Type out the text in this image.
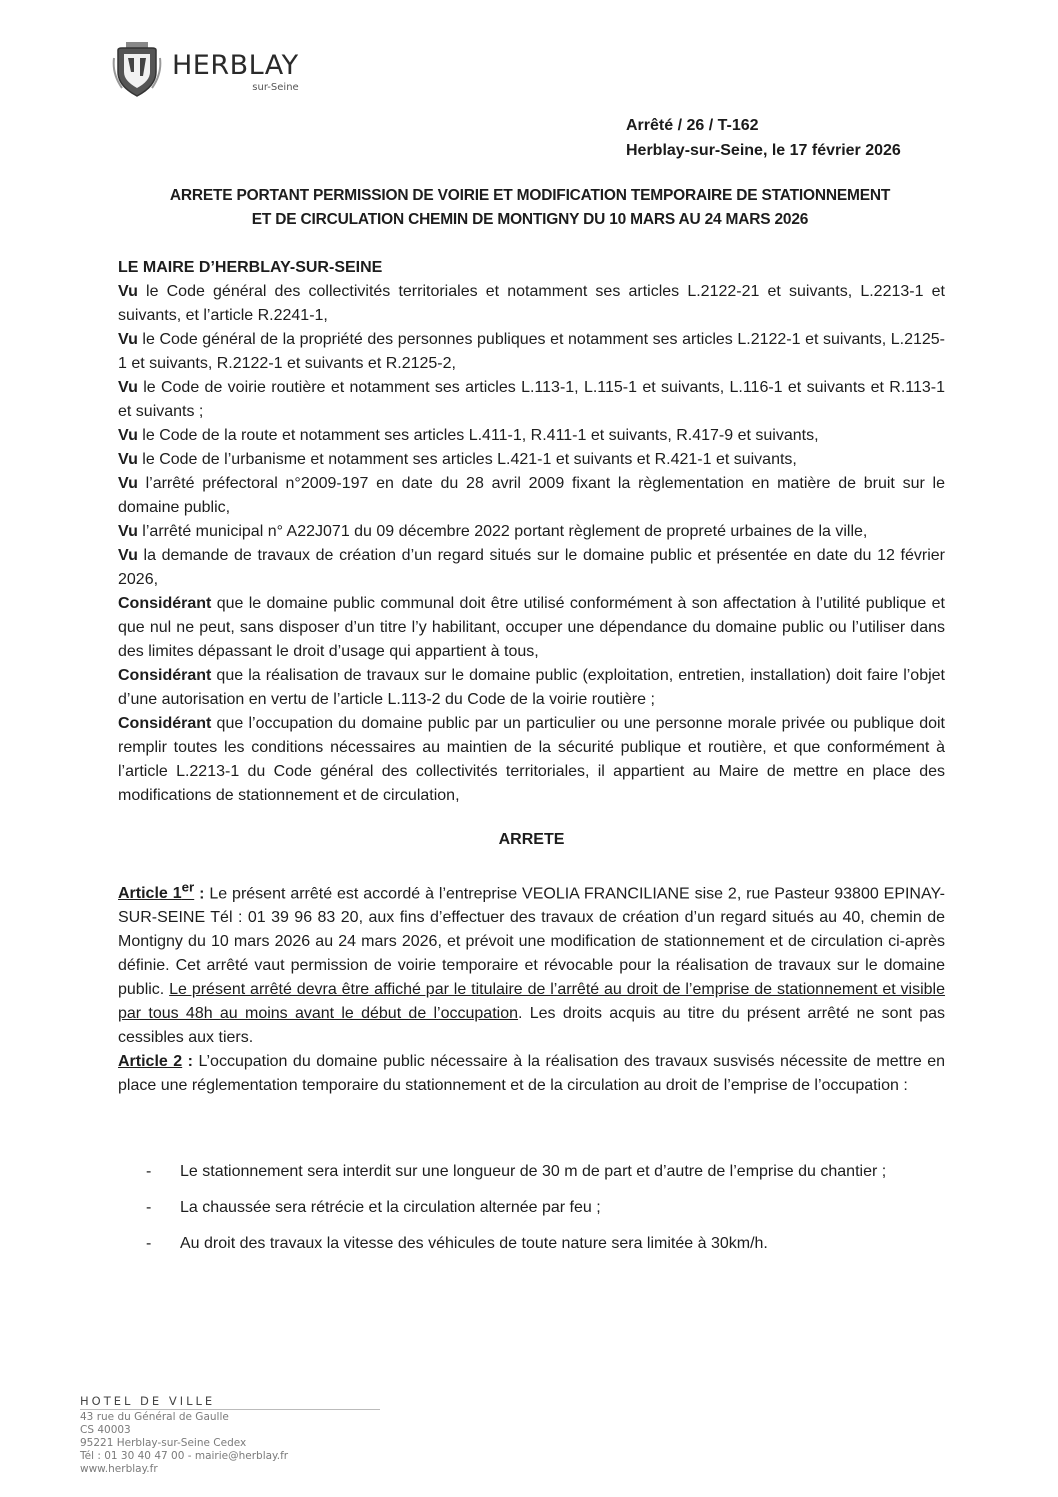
HERBLAY
sur-Seine
Arrêté / 26 / T-162
Herblay-sur-Seine, le 17 février 2026
ARRETE PORTANT PERMISSION DE VOIRIE ET MODIFICATION TEMPORAIRE DE STATIONNEMENT
ET DE CIRCULATION CHEMIN DE MONTIGNY DU 10 MARS AU 24 MARS 2026

LE MAIRE D’HERBLAY-SUR-SEINE

Vu le Code général des collectivités territoriales et notamment ses articles L.2122-21 et suivants, L.2213-1 et suivants, et l’article R.2241-1,

Vu le Code général de la propriété des personnes publiques et notamment ses articles L.2122-1 et suivants, L.2125-1 et suivants, R.2122-1 et suivants et R.2125-2,

Vu le Code de voirie routière et notamment ses articles L.113-1, L.115-1 et suivants, L.116-1 et suivants et R.113-1 et suivants ;

Vu le Code de la route et notamment ses articles L.411-1, R.411-1 et suivants, R.417-9 et suivants,

Vu le Code de l’urbanisme et notamment ses articles L.421-1 et suivants et R.421-1 et suivants,

Vu l’arrêté préfectoral n°2009-197 en date du 28 avril 2009 fixant la règlementation en matière de bruit sur le domaine public,

Vu l’arrêté municipal n° A22J071 du 09 décembre 2022 portant règlement de propreté urbaines de la ville,

Vu la demande de travaux de création d’un regard situés sur le domaine public et présentée en date du 12 février 2026,

Considérant que le domaine public communal doit être utilisé conformément à son affectation à l’utilité publique et que nul ne peut, sans disposer d’un titre l’y habilitant, occuper une dépendance du domaine public ou l’utiliser dans des limites dépassant le droit d’usage qui appartient à tous,

Considérant que la réalisation de travaux sur le domaine public (exploitation, entretien, installation) doit faire l’objet d’une autorisation en vertu de l’article L.113-2 du Code de la voirie routière ;

Considérant que l’occupation du domaine public par un particulier ou une personne morale privée ou publique doit remplir toutes les conditions nécessaires au maintien de la sécurité publique et routière, et que conformément à l’article L.2213-1 du Code général des collectivités territoriales, il appartient au Maire de mettre en place des modifications de stationnement et de circulation,

ARRETE

Article 1er : Le présent arrêté est accordé à l’entreprise VEOLIA FRANCILIANE sise 2, rue Pasteur 93800 EPINAY-SUR-SEINE Tél : 01 39 96 83 20, aux fins d’effectuer des travaux de création d’un regard situés au 40, chemin de Montigny du 10 mars 2026 au 24 mars 2026, et prévoit une modification de stationnement et de circulation ci-après définie. Cet arrêté vaut permission de voirie temporaire et révocable pour la réalisation de travaux sur le domaine public. Le présent arrêté devra être affiché par le titulaire de l’arrêté au droit de l’emprise de stationnement et visible par tous 48h au moins avant le début de l’occupation. Les droits acquis au titre du présent arrêté ne sont pas cessibles aux tiers.

Article 2 : L’occupation du domaine public nécessaire à la réalisation des travaux susvisés nécessite de mettre en place une réglementation temporaire du stationnement et de la circulation au droit de l’emprise de l’occupation :

- Le stationnement sera interdit sur une longueur de 30 m de part et d’autre de l’emprise du chantier ;
- La chaussée sera rétrécie et la circulation alternée par feu ;
- Au droit des travaux la vitesse des véhicules de toute nature sera limitée à 30km/h.
HOTEL DE VILLE
43 rue du Général de Gaulle
CS 40003
95221 Herblay-sur-Seine Cedex
Tél : 01 30 40 47 00 - mairie@herblay.fr
www.herblay.fr
